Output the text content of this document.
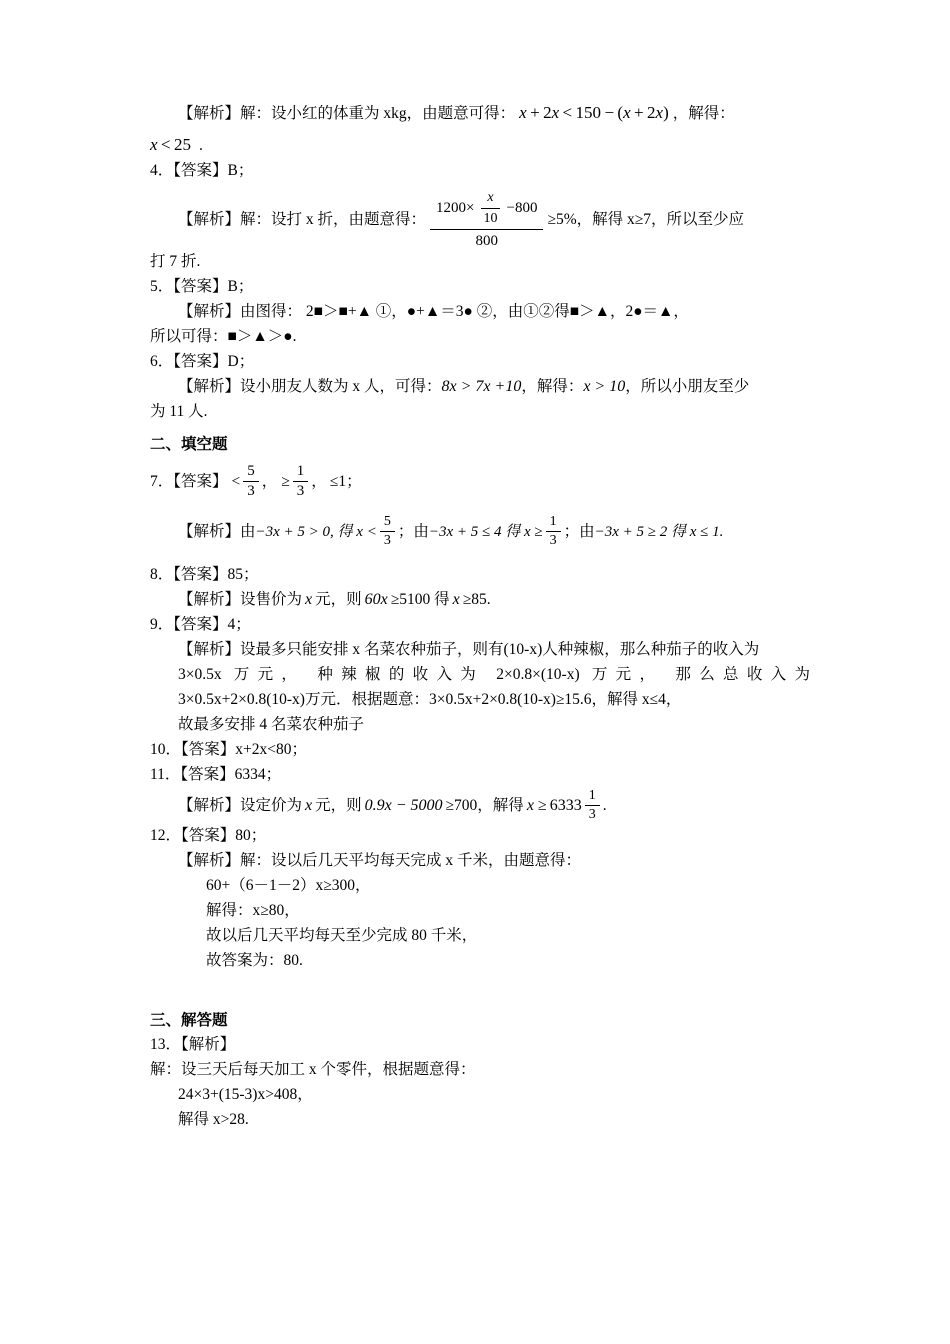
【解析】解：设小红的体重为 xkg，由题意可得： x + 2x < 150 − (x + 2x) ，解得：
x < 25 .
4．【答案】B；
【解析】解：设打 x 折，由题意得： $\frac{1200\times \frac{x}{10} -800}{800} \ge 5\%$ ，解得 x≥7，所以至少应
打 7 折.
5．【答案】B；
【解析】由图得： 2■＞■+▲ ①，●+▲＝3● ②，由①②得■＞▲，2●＝▲，
所以可得：■＞▲＞●.
6．【答案】D；
【解析】设小朋友人数为 x 人，可得： 8x > 7x +10 ，解得： x > 10 ，所以小朋友至少
为 11 人.
二、填空题
7．【答案】 < $\frac{5}{3}$ ， ≥ $\frac{1}{3}$ ， ≤1；
【解析】由 −3x + 5 > 0, 得 $x < \frac{5}{3}$ ；由 −3x + 5 ≤ 4 得 $x \ge \frac{1}{3}$ ；由 −3x + 5 ≥ 2 得 x ≤ 1.
8．【答案】85；
【解析】设售价为 x 元，则 60x ≥5100 得 x ≥85.
9．【答案】4；
【解析】设最多只能安排 x 名菜农种茄子，则有(10-x)人种辣椒，那么种茄子的收入为
3×0.5x 万元， 种辣椒的收入为 2×0.8×(10-x) 万元， 那么总收入为
3×0.5x+2×0.8(10-x)万元．根据题意：3×0.5x+2×0.8(10-x)≥15.6，解得 x≤4，
故最多安排 4 名菜农种茄子
10．【答案】x+2x<80；
11．【答案】6334；
【解析】设定价为 x 元，则 0.9x − 5000 ≥700，解得 $x \ge 6333 \frac{1}{3}$ .
12．【答案】80；
【解析】解：设以后几天平均每天完成 x 千米，由题意得：
60+（6－1－2）x≥300，
解得：x≥80，
故以后几天平均每天至少完成 80 千米，
故答案为：80.
三、解答题
13．【解析】
解：设三天后每天加工 x 个零件，根据题意得：
24×3+(15-3)x>408，
解得 x>28.
